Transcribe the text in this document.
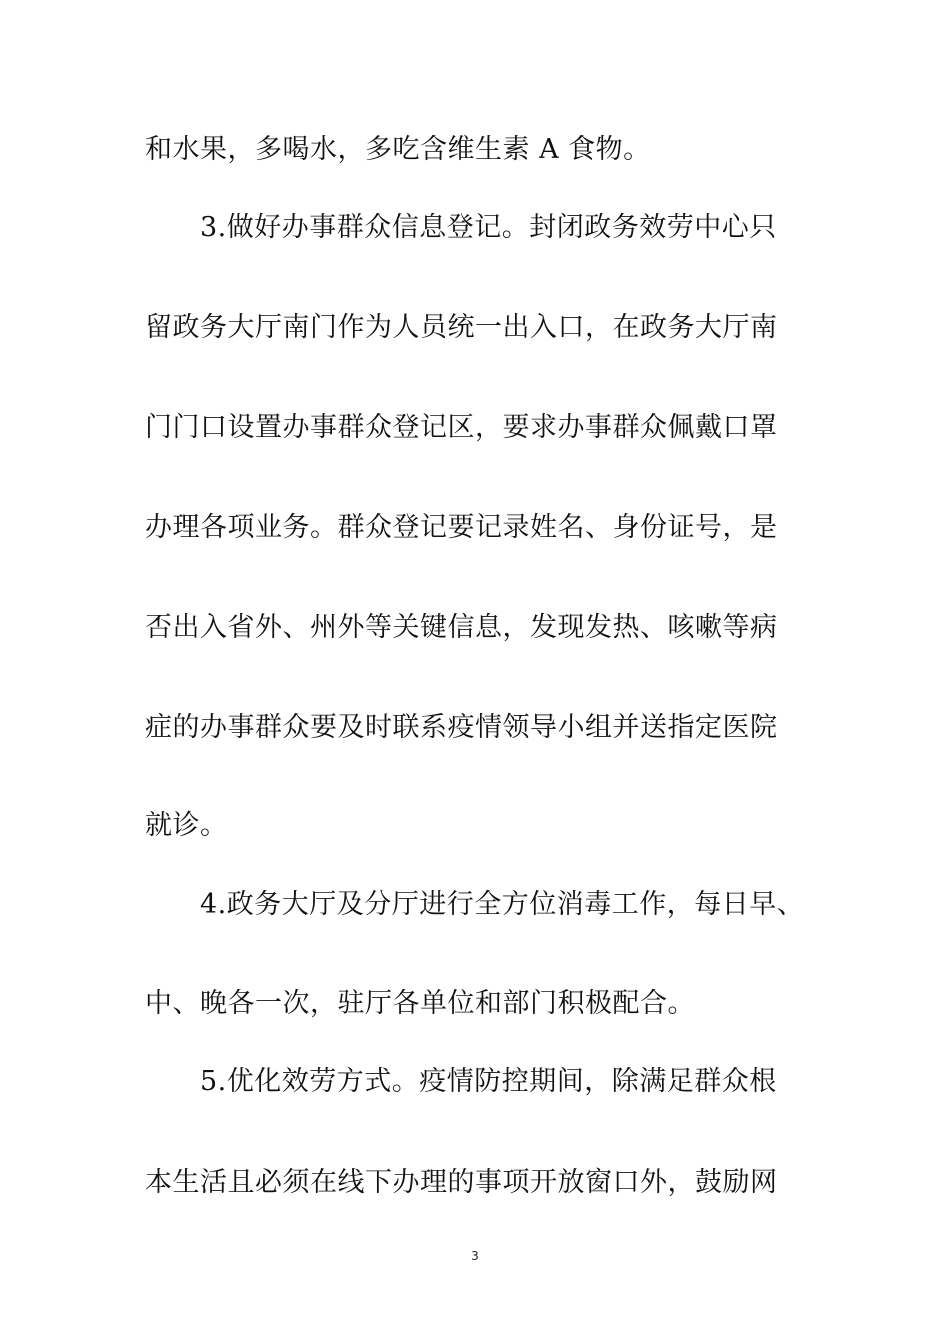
和水果，多喝水，多吃含维生素 A 食物。
3.做好办事群众信息登记。封闭政务效劳中心只
留政务大厅南门作为人员统一出入口，在政务大厅南
门门口设置办事群众登记区，要求办事群众佩戴口罩
办理各项业务。群众登记要记录姓名、身份证号，是
否出入省外、州外等关键信息，发现发热、咳嗽等病
症的办事群众要及时联系疫情领导小组并送指定医院
就诊。
4.政务大厅及分厅进行全方位消毒工作，每日早、
中、晚各一次，驻厅各单位和部门积极配合。
5.优化效劳方式。疫情防控期间，除满足群众根
本生活且必须在线下办理的事项开放窗口外，鼓励网
3
